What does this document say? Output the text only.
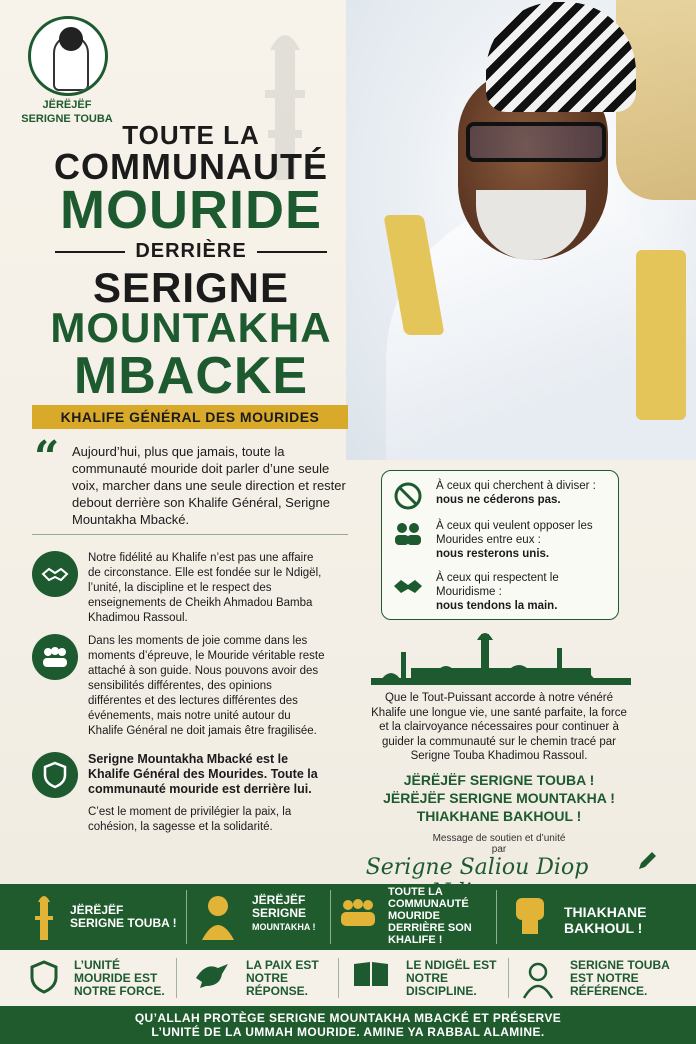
JËRËJËF
SERIGNE TOUBA
TOUTE LA
COMMUNAUTÉ
MOURIDE
DERRIÈRE
SERIGNE
MOUNTAKHA
MBACKE
KHALIFE GÉNÉRAL DES MOURIDES
“ Aujourd’hui, plus que jamais, toute la communauté mouride doit parler d’une seule voix, marcher dans une seule direction et rester debout derrière son Khalife Général, Serigne Mountakha Mbacké.
Notre fidélité au Khalife n’est pas une affaire de circonstance. Elle est fondée sur le Ndigël, l’unité, la discipline et le respect des enseignements de Cheikh Ahmadou Bamba Khadimou Rassoul.
Dans les moments de joie comme dans les moments d’épreuve, le Mouride véritable reste attaché à son guide. Nous pouvons avoir des sensibilités différentes, des opinions différentes et des lectures différentes des événements, mais notre unité autour du Khalife Général ne doit jamais être fragilisée.
Serigne Mountakha Mbacké est le Khalife Général des Mourides. Toute la communauté mouride est derrière lui.
C’est le moment de privilégier la paix, la cohésion, la sagesse et la solidarité.
À ceux qui cherchent à diviser :
nous ne céderons pas.
À ceux qui veulent opposer les Mourides entre eux :
nous resterons unis.
À ceux qui respectent le Mouridisme :
nous tendons la main.
Que le Tout-Puissant accorde à notre vénéré Khalife une longue vie, une santé parfaite, la force et la clairvoyance nécessaires pour continuer à guider la communauté sur le chemin tracé par Serigne Touba Khadimou Rassoul.
JËRËJËF SERIGNE TOUBA !
JËRËJËF SERIGNE MOUNTAKHA !
THIAKHANE BAKHOUL !
Message de soutien et d’unité
par
Serigne Saliou Diop
JËRËJËF
SERIGNE TOUBA !
JËRËJËF
SERIGNE
MOUNTAKHA !
TOUTE LA
COMMUNAUTÉ
MOURIDE
DERRIÈRE SON
KHALIFE !
THIAKHANE
BAKHOUL !
L’UNITÉ
MOURIDE EST
NOTRE FORCE.
LA PAIX EST
NOTRE
RÉPONSE.
LE NDIGËL EST
NOTRE
DISCIPLINE.
SERIGNE TOUBA
EST NOTRE
RÉFÉRENCE.
QU’ALLAH PROTÈGE SERIGNE MOUNTAKHA MBACKÉ ET PRÉSERVE
L’UNITÉ DE LA UMMAH MOURIDE. AMINE YA RABBAL ALAMINE.
